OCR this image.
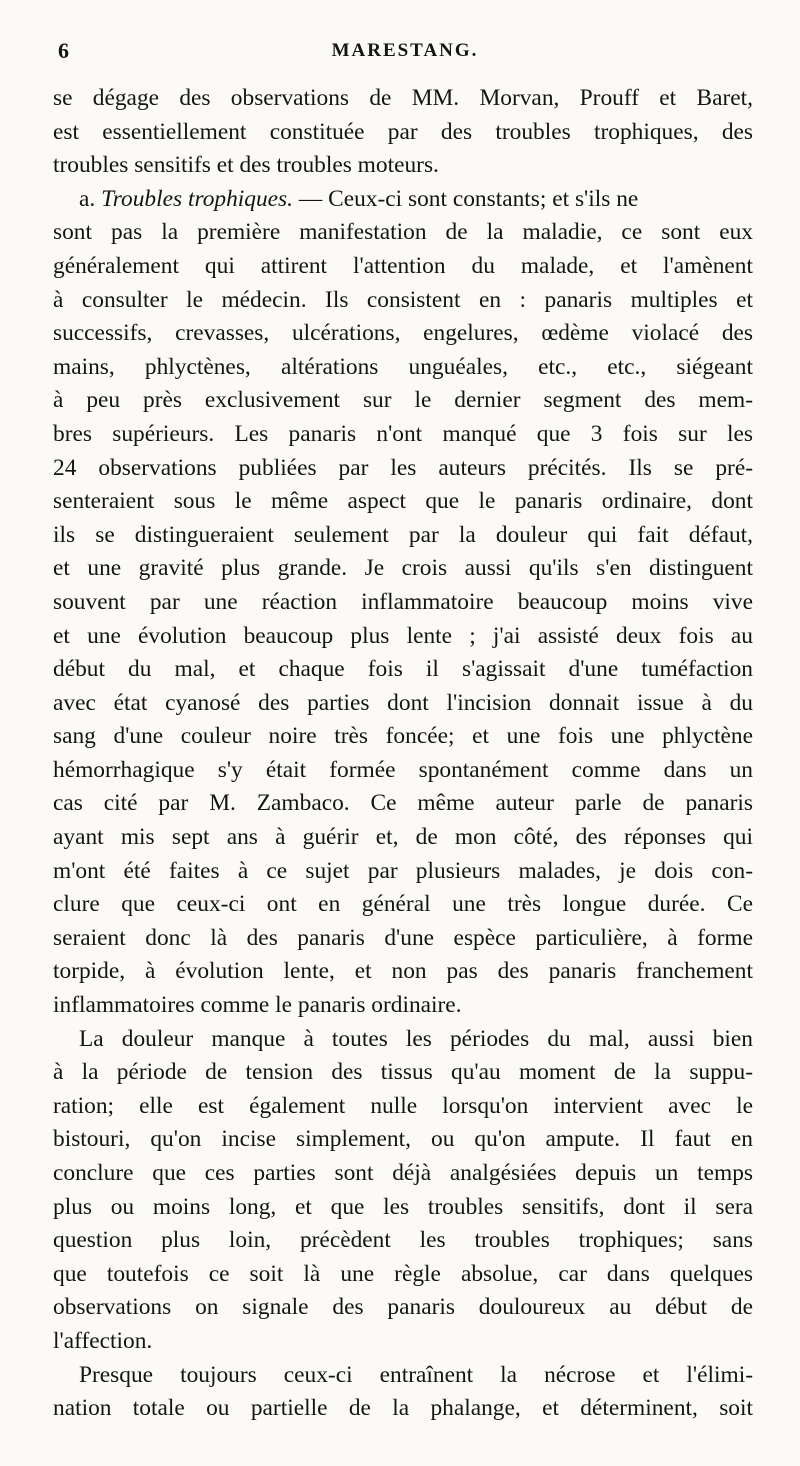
6	MARESTANG.
se dégage des observations de MM. Morvan, Prouff et Baret,
est essentiellement constituée par des troubles trophiques, des
troubles sensitifs et des troubles moteurs.
a. Troubles trophiques. — Ceux-ci sont constants; et s'ils ne
sont pas la première manifestation de la maladie, ce sont eux
généralement qui attirent l'attention du malade, et l'amènent
à consulter le médecin. Ils consistent en : panaris multiples et
successifs, crevasses, ulcérations, engelures, œdème violacé des
mains, phlyctènes, altérations unguéales, etc., etc., siégeant
à peu près exclusivement sur le dernier segment des mem-
bres supérieurs. Les panaris n'ont manqué que 3 fois sur les
24 observations publiées par les auteurs précités. Ils se pré-
senteraient sous le même aspect que le panaris ordinaire, dont
ils se distingueraient seulement par la douleur qui fait défaut,
et une gravité plus grande. Je crois aussi qu'ils s'en distinguent
souvent par une réaction inflammatoire beaucoup moins vive
et une évolution beaucoup plus lente ; j'ai assisté deux fois au
début du mal, et chaque fois il s'agissait d'une tuméfaction
avec état cyanosé des parties dont l'incision donnait issue à du
sang d'une couleur noire très foncée; et une fois une phlyctène
hémorrhagique s'y était formée spontanément comme dans un
cas cité par M. Zambaco. Ce même auteur parle de panaris
ayant mis sept ans à guérir et, de mon côté, des réponses qui
m'ont été faites à ce sujet par plusieurs malades, je dois con-
clure que ceux-ci ont en général une très longue durée. Ce
seraient donc là des panaris d'une espèce particulière, à forme
torpide, à évolution lente, et non pas des panaris franchement
inflammatoires comme le panaris ordinaire.
La douleur manque à toutes les périodes du mal, aussi bien
à la période de tension des tissus qu'au moment de la suppu-
ration; elle est également nulle lorsqu'on intervient avec le
bistouri, qu'on incise simplement, ou qu'on ampute. Il faut en
conclure que ces parties sont déjà analgésiées depuis un temps
plus ou moins long, et que les troubles sensitifs, dont il sera
question plus loin, précèdent les troubles trophiques; sans
que toutefois ce soit là une règle absolue, car dans quelques
observations on signale des panaris douloureux au début de
l'affection.
Presque toujours ceux-ci entraînent la nécrose et l'élimi-
nation totale ou partielle de la phalange, et déterminent, soit
